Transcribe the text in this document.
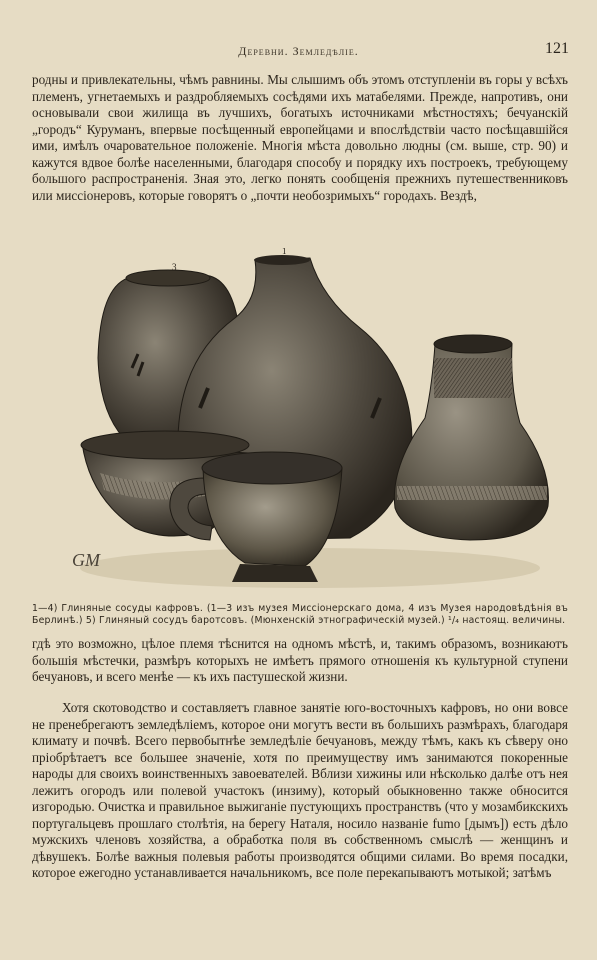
Деревни. Земледѣліе.	121

родны и привлекательны, чѣмъ равнины. Мы слышимъ объ этомъ отступленіи въ горы у всѣхъ племенъ, угнетаемыхъ и раздробляемыхъ сосѣдями ихъ матабелями. Прежде, напротивъ, они основывали свои жилища въ лучшихъ, богатыхъ источниками мѣстностяхъ; бечуанскій „городъ“ Куруманъ, впервые посѣщенный европейцами и впослѣдствіи часто посѣщавшійся ими, имѣлъ очаровательное положеніе. Многія мѣста довольно людны (см. выше, стр. 90) и кажутся вдвое болѣе населенными, благодаря способу и порядку ихъ построекъ, требующему большого распространенія. Зная это, легко понять сообщенія прежнихъ путешественниковъ или миссіонеровъ, которые говорятъ о „почти необозримыхъ“ городахъ. Вездѣ,

1
3
GM
1—4) Глиняные сосуды кафровъ. (1—3 изъ музея Миссіонерскаго дома, 4 изъ Музея народовѣдѣнія въ Берлинѣ.) 5) Глиняный сосудъ баротсовъ. (Мюнхенскій этнографическій музей.) ¹/₄ настоящ. величины.

гдѣ это возможно, цѣлое племя тѣснится на одномъ мѣстѣ, и, такимъ образомъ, возникаютъ большія мѣстечки, размѣръ которыхъ не имѣетъ прямого отношенія къ культурной ступени бечуановъ, и всего менѣе — къ ихъ пастушеской жизни.

Хотя скотоводство и составляетъ главное занятіе юго-восточныхъ кафровъ, но они вовсе не пренебрегаютъ земледѣліемъ, которое они могутъ вести въ большихъ размѣрахъ, благодаря климату и почвѣ. Всего первобытнѣе земледѣліе бечуановъ, между тѣмъ, какъ къ сѣверу оно пріобрѣтаетъ все большее значеніе, хотя по преимуществу имъ занимаются покоренные народы для своихъ воинственныхъ завоевателей. Вблизи хижины или нѣсколько далѣе отъ нея лежитъ огородъ или полевой участокъ (инзиму), который обыкновенно также обносится изгородью. Очистка и правильное выжиганіе пустующихъ пространствъ (что у мозамбикскихъ португальцевъ прошлаго столѣтія, на берегу Наталя, носило названіе fumo [дымъ]) есть дѣло мужскихъ членовъ хозяйства, а обработка поля въ собственномъ смыслѣ — женщинъ и дѣвушекъ. Болѣе важныя полевыя работы производятся общими силами. Во время посадки, которое ежегодно устанавливается начальникомъ, все поле перекапываютъ мотыкой; затѣмъ
